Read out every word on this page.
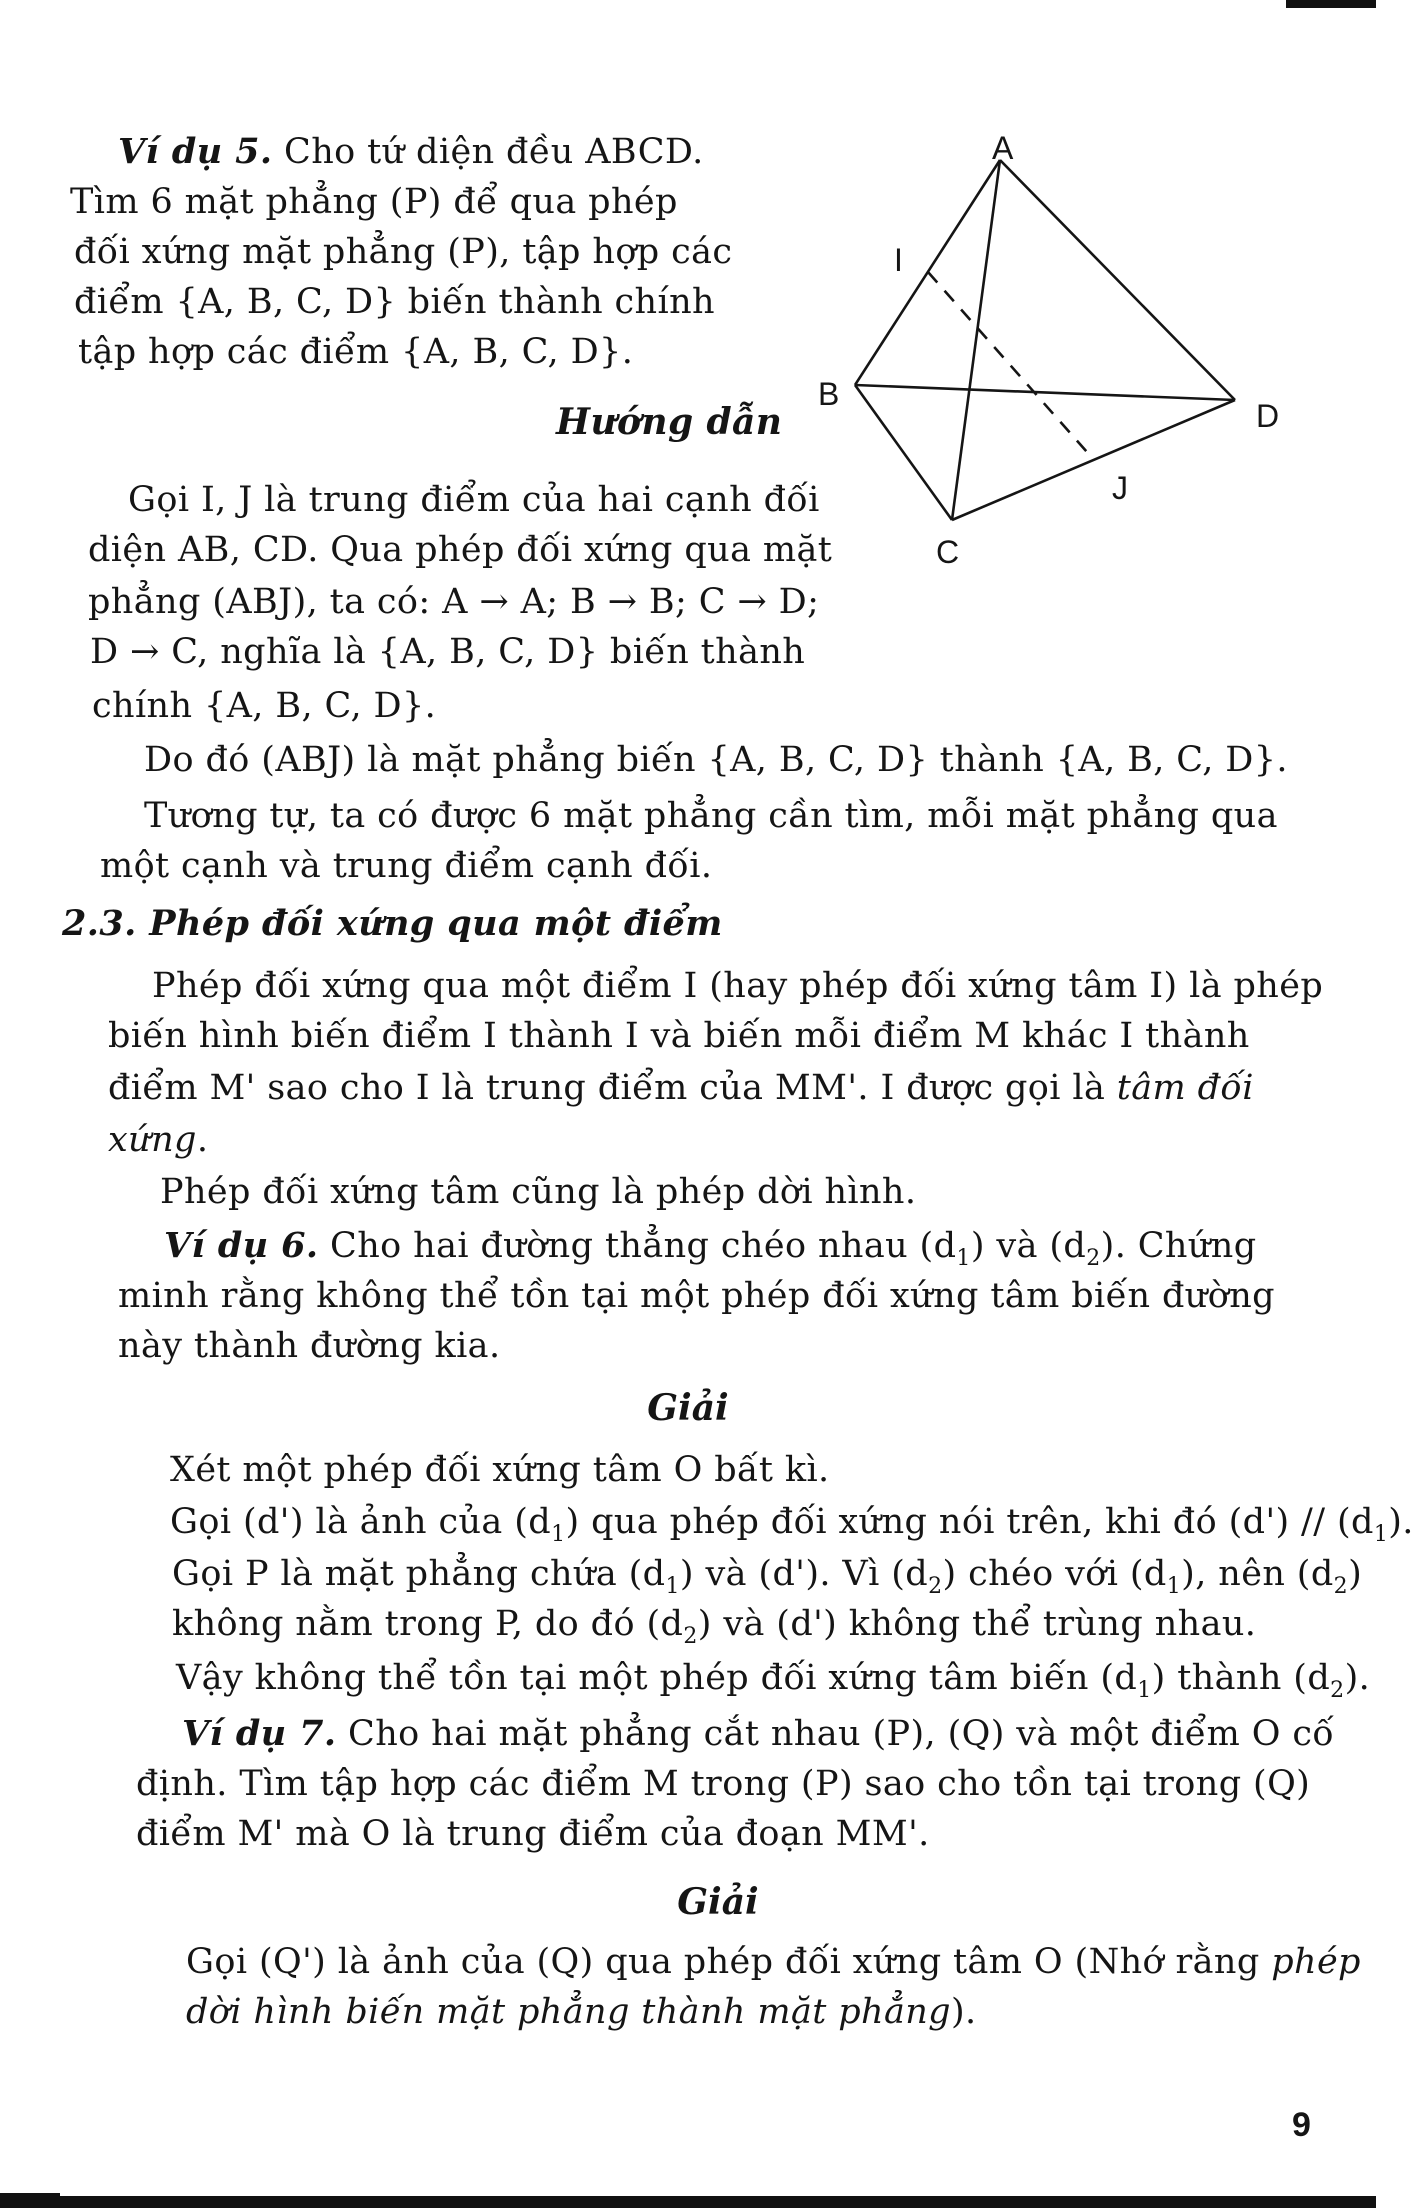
Ví dụ 5. Cho tứ diện đều ABCD.
Tìm 6 mặt phẳng (P) để qua phép
đối xứng mặt phẳng (P), tập hợp các
điểm {A, B, C, D} biến thành chính
tập hợp các điểm {A, B, C, D}.
Hướng dẫn
Gọi I, J là trung điểm của hai cạnh đối
diện AB, CD. Qua phép đối xứng qua mặt
phẳng (ABJ), ta có: A → A; B → B; C → D;
D → C, nghĩa là {A, B, C, D} biến thành
chính {A, B, C, D}.
Do đó (ABJ) là mặt phẳng biến {A, B, C, D} thành {A, B, C, D}.
Tương tự, ta có được 6 mặt phẳng cần tìm, mỗi mặt phẳng qua
một cạnh và trung điểm cạnh đối.
A
B
C
D
I
J
2.3. Phép đối xứng qua một điểm
Phép đối xứng qua một điểm I (hay phép đối xứng tâm I) là phép
biến hình biến điểm I thành I và biến mỗi điểm M khác I thành
điểm M' sao cho I là trung điểm của MM'. I được gọi là tâm đối
xứng.
Phép đối xứng tâm cũng là phép dời hình.
Ví dụ 6. Cho hai đường thẳng chéo nhau $(d_1)$ và $(d_2)$. Chứng
minh rằng không thể tồn tại một phép đối xứng tâm biến đường
này thành đường kia.
Giải
Xét một phép đối xứng tâm O bất kì.
Gọi (d') là ảnh của $(d_1)$ qua phép đối xứng nói trên, khi đó $(d') // (d_1)$.
Gọi P là mặt phẳng chứa $(d_1)$ và (d'). Vì $(d_2)$ chéo với $(d_1)$, nên $(d_2)$
không nằm trong P, do đó $(d_2)$ và (d') không thể trùng nhau.
Vậy không thể tồn tại một phép đối xứng tâm biến $(d_1)$ thành $(d_2)$.
Ví dụ 7. Cho hai mặt phẳng cắt nhau (P), (Q) và một điểm O cố
định. Tìm tập hợp các điểm M trong (P) sao cho tồn tại trong (Q)
điểm M' mà O là trung điểm của đoạn MM'.
Giải
Gọi (Q') là ảnh của (Q) qua phép đối xứng tâm O (Nhớ rằng phép
dời hình biến mặt phẳng thành mặt phẳng).
9
